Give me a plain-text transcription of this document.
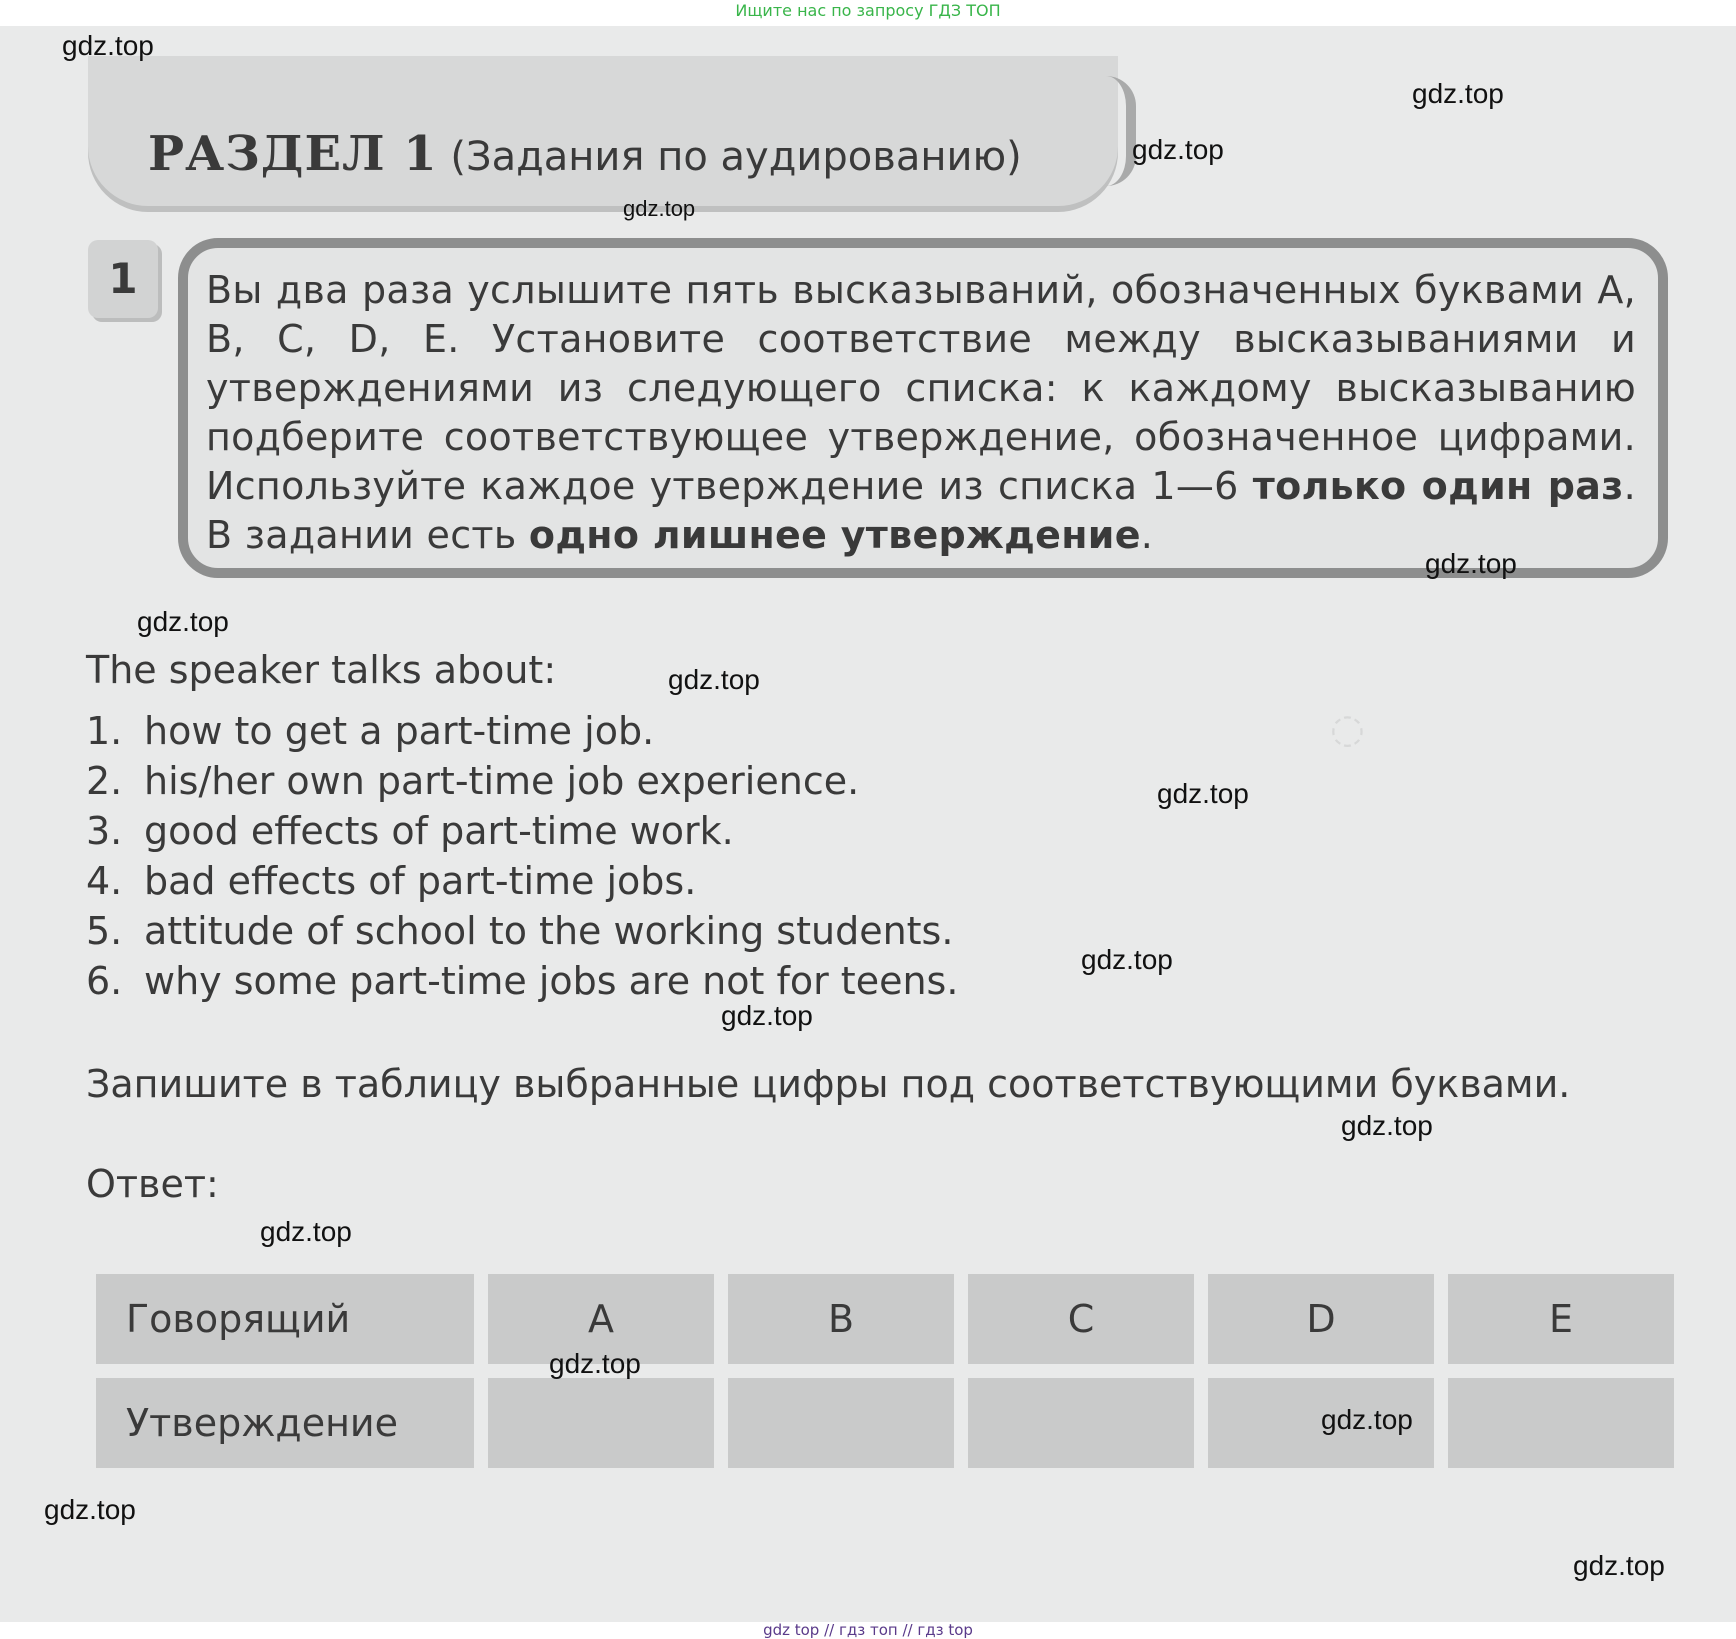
Ищите нас по запросу ГДЗ ТОП
◌
РАЗДЕЛ 1 (Задания по аудированию)
1	Вы два раза услышите пять высказываний, обозначенных буквами A, B, C, D, E. Установите соответствие между высказываниями и утверждениями из следующего списка: к каждому высказыванию подберите соответствующее утверждение, обозначенное цифрами. Используйте каждое утверждение из списка 1—6 только один раз. В задании есть одно лишнее утверждение.
The speaker talks about:
1. how to get a part-time job.
2. his/her own part-time job experience.
3. good effects of part-time work.
4. bad effects of part-time jobs.
5. attitude of school to the working students.
6. why some part-time jobs are not for teens.
Запишите в таблицу выбранные цифры под соответствующими буквами.
Ответ:
Говорящий	A	B	C	D	E
Утверждение
gdz.top
gdz.top
gdz.top
gdz.top
gdz.top
gdz.top
gdz.top
gdz.top
gdz.top
gdz.top
gdz.top
gdz.top
gdz.top
gdz.top
gdz.top
gdz.top
gdz top // гдз топ // гдз top
